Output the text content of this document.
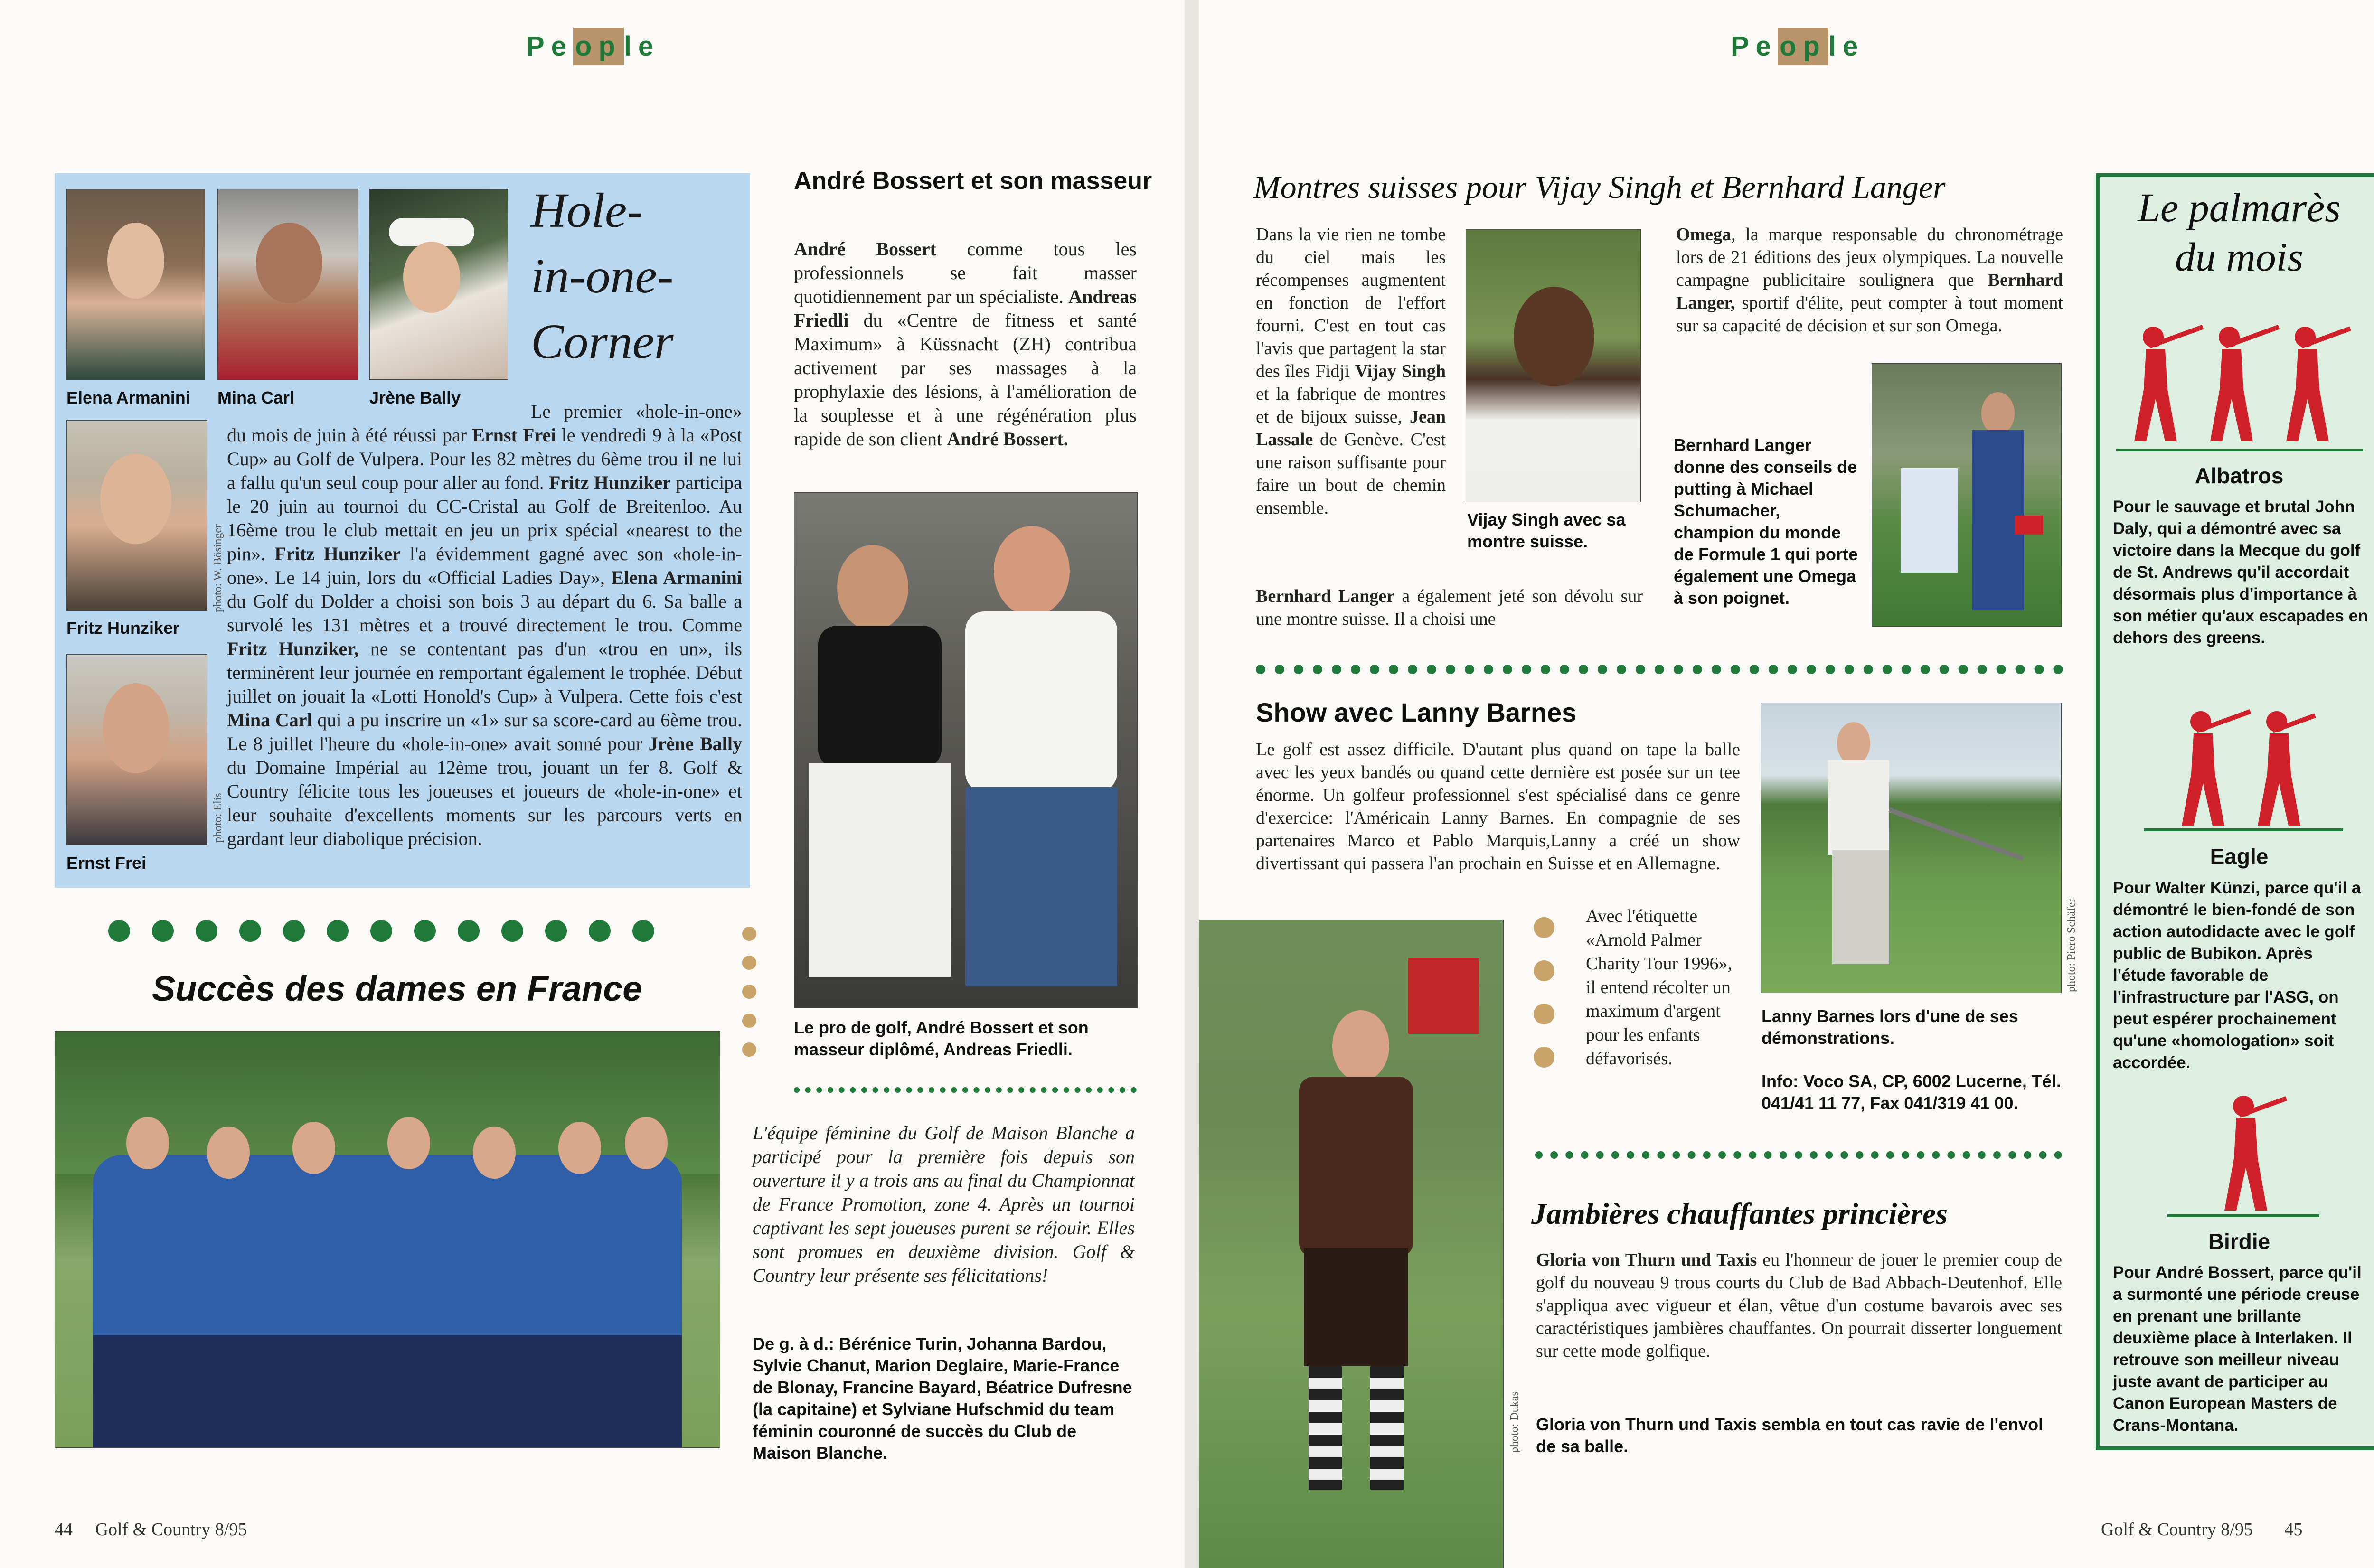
People
Elena Armanini Mina Carl	Jrène Bally
Hole-
in-one-
Corner
Fritz Hunziker
photo: W. Bösinger
Ernst Frei
photo: Elis
Le premier «hole-in-one» du mois de juin à été réussi par Ernst Frei le vendredi 9 à la «Post Cup» au Golf de Vulpera. Pour les 82 mètres du 6ème trou il ne lui a fallu qu'un seul coup pour aller au fond. Fritz Hunziker participa le 20 juin au tournoi du CC-Cristal au Golf de Breitenloo. Au 16ème trou le club mettait en jeu un prix spécial «nearest to the pin». Fritz Hunziker l'a évidemment gagné avec son «hole-in-one». Le 14 juin, lors du «Official Ladies Day», Elena Armanini du Golf du Dolder a choisi son bois 3 au départ du 6. Sa balle a survolé les 131 mètres et a trouvé directement le trou. Comme Fritz Hunziker, ne se contentant pas d'un «trou en un», ils terminèrent leur journée en remportant également le trophée. Début juillet on jouait la «Lotti Honold's Cup» à Vulpera. Cette fois c'est Mina Carl qui a pu inscrire un «1» sur sa score-card au 6ème trou. Le 8 juillet l'heure du «hole-in-one» avait sonné pour Jrène Bally du Domaine Impérial au 12ème trou, jouant un fer 8. Golf & Country félicite tous les joueuses et joueurs de «hole-in-one» et leur souhaite d'excellents moments sur les parcours verts en gardant leur diabolique précision.
Succès des dames en France
André Bossert et son masseur
André Bossert comme tous les professionnels se fait masser quotidiennement par un spécialiste. Andreas Friedli du «Centre de fitness et santé Maximum» à Küssnacht (ZH) contribua activement par ses massages à la prophylaxie des lésions, à l'amélioration de la souplesse et à une régénération plus rapide de son client André Bossert.
Le pro de golf, André Bossert et son masseur diplômé, Andreas Friedli.

L'équipe féminine du Golf de Maison Blanche a participé pour la première fois depuis son ouverture il y a trois ans au final du Championnat de France Promotion, zone 4. Après un tournoi captivant les sept joueuses purent se réjouir. Elles sont promues en deuxième division. Golf & Country leur présente ses félicitations!
De g. à d.: Bérénice Turin, Johanna Bardou, Sylvie Chanut, Marion Deglaire, Marie-France de Blonay, Francine Bayard, Béatrice Dufresne (la capitaine) et Sylviane Hufschmid du team féminin couronné de succès du Club de Maison Blanche.
44 Golf & Country 8/95
People
Montres suisses pour Vijay Singh et Bernhard Langer
Dans la vie rien ne tombe du ciel mais les récompenses augmentent en fonction de l'effort fourni. C'est en tout cas l'avis que partagent la star des îles Fidji Vijay Singh et la fabrique de montres et de bijoux suisse, Jean Lassale de Genève. C'est une raison suffisante pour faire un bout de chemin ensemble.
Bernhard Langer a également jeté son dévolu sur une montre suisse. Il a choisi une
Vijay Singh avec sa montre suisse.
Omega, la marque responsable du chronométrage lors de 21 éditions des jeux olympiques. La nouvelle campagne publicitaire soulignera que Bernhard Langer, sportif d'élite, peut compter à tout moment sur sa capacité de décision et sur son Omega.
Bernhard Langer donne des conseils de putting à Michael Schumacher, champion du monde de Formule 1 qui porte également une Omega à son poignet.
Show avec Lanny Barnes
Le golf est assez difficile. D'autant plus quand on tape la balle avec les yeux bandés ou quand cette dernière est posée sur un tee énorme. Un golfeur professionnel s'est spécialisé dans ce genre d'exercice: l'Américain Lanny Barnes. En compagnie de ses partenaires Marco et Pablo Marquis,Lanny a créé un show divertissant qui passera l'an prochain en Suisse et en Allemagne.
Avec l'étiquette «Arnold Palmer Charity Tour 1996», il entend récolter un maximum d'argent pour les enfants défavorisés.
photo: Piero Schäfer
Lanny Barnes lors d'une de ses démonstrations.
Info: Voco SA, CP, 6002 Lucerne, Tél. 041/41 11 77, Fax 041/319 41 00.

photo: Dukas
Jambières chauffantes princières
Gloria von Thurn und Taxis eu l'honneur de jouer le premier coup de golf du nouveau 9 trous courts du Club de Bad Abbach-Deutenhof. Elle s'appliqua avec vigueur et élan, vêtue d'un costume bavarois avec ses caractéristiques jambières chauffantes. On pourrait disserter longuement sur cette mode golfique.
Gloria von Thurn und Taxis sembla en tout cas ravie de l'envol de sa balle.
Le palmarès
du mois
Albatros
Pour le sauvage et brutal John Daly, qui a démontré avec sa victoire dans la Mecque du golf de St. Andrews qu'il accordait désormais plus d'importance à son métier qu'aux escapades en dehors des greens.
Eagle
Pour Walter Künzi, parce qu'il a démontré le bien-fondé de son action autodidacte avec le golf public de Bubikon. Après l'étude favorable de l'infrastructure par l'ASG, on peut espérer prochainement qu'une «homologation» soit accordée.
Birdie
Pour André Bossert, parce qu'il a surmonté une période creuse en prenant une brillante deuxième place à Interlaken. Il retrouve son meilleur niveau juste avant de participer au Canon European Masters de Crans-Montana.
Golf & Country 8/95 45
